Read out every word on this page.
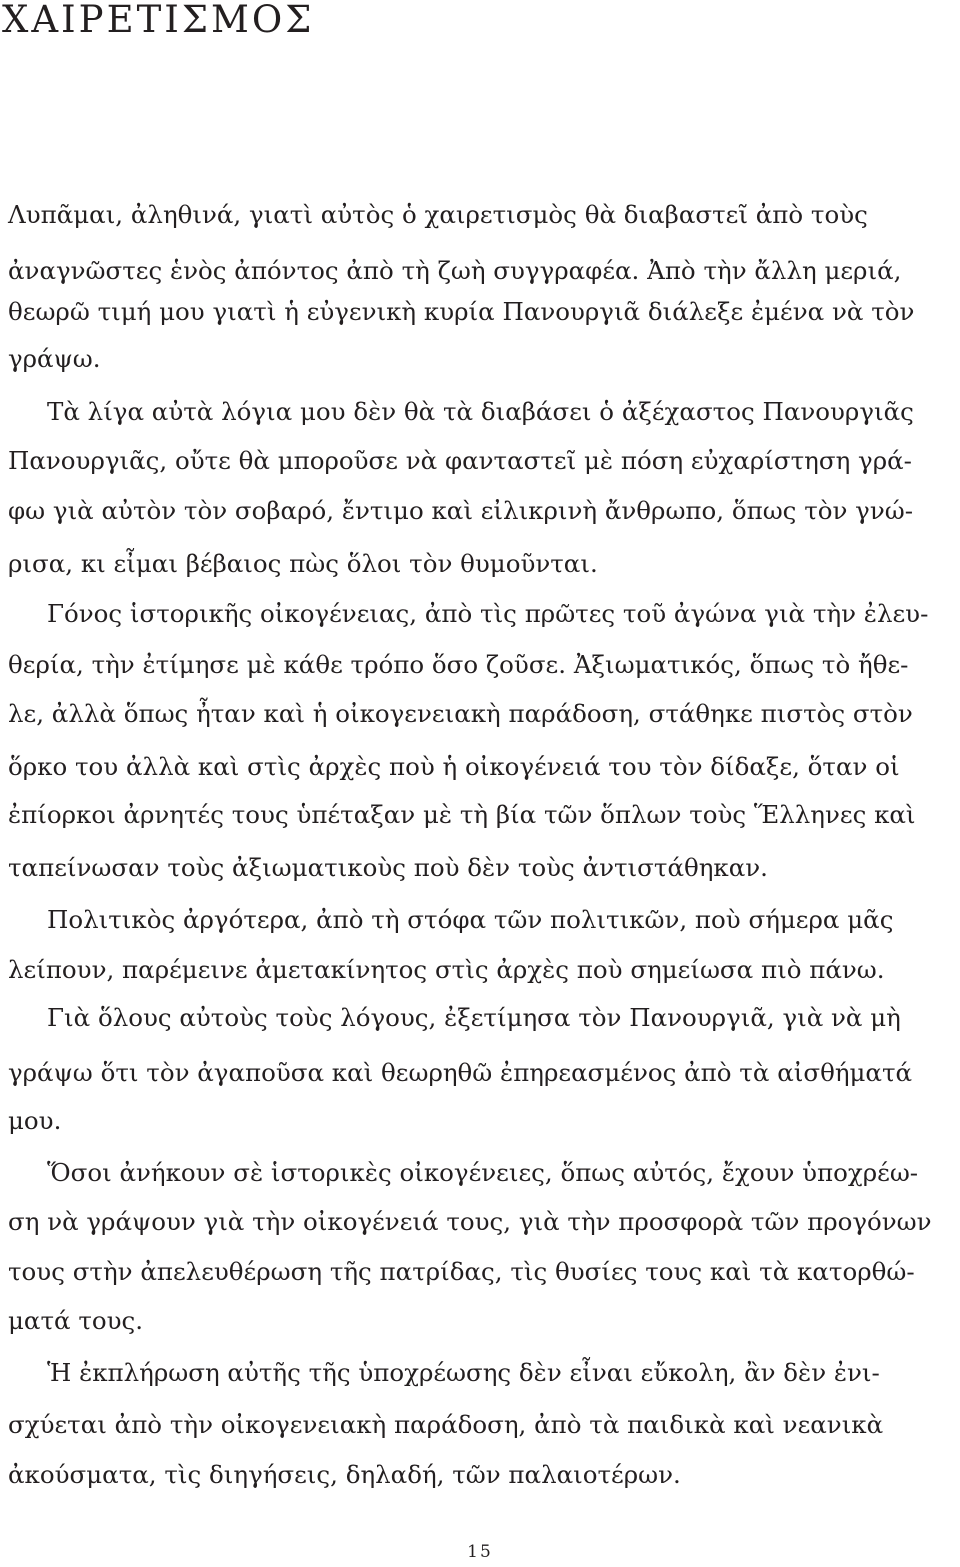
ΧΑΙΡΕΤΙΣΜΟΣ

Λυπᾶμαι, ἀληθινά, γιατὶ αὐτὸς ὁ χαιρετισμὸς θὰ διαβαστεῖ ἀπὸ τοὺς

ἀναγνῶστες ἑνὸς ἀπόντος ἀπὸ τὴ ζωὴ συγγραφέα. Ἀπὸ τὴν ἄλλη μεριά,

θεωρῶ τιμή μου γιατὶ ἡ εὐγενικὴ κυρία Πανουργιᾶ διάλεξε ἐμένα νὰ τὸν

γράψω.

Τὰ λίγα αὐτὰ λόγια μου δὲν θὰ τὰ διαβάσει ὁ ἀξέχαστος Πανουργιᾶς

Πανουργιᾶς, οὔτε θὰ μποροῦσε νὰ φανταστεῖ μὲ πόση εὐχαρίστηση γρά-

φω γιὰ αὐτὸν τὸν σοβαρό, ἔντιμο καὶ εἰλικρινὴ ἄνθρωπο, ὅπως τὸν γνώ-

ρισα, κι εἶμαι βέβαιος πὼς ὅλοι τὸν θυμοῦνται.

Γόνος ἱστορικῆς οἰκογένειας, ἀπὸ τὶς πρῶτες τοῦ ἀγώνα γιὰ τὴν ἐλευ-

θερία, τὴν ἐτίμησε μὲ κάθε τρόπο ὅσο ζοῦσε. Ἀξιωματικός, ὅπως τὸ ἤθε-

λε, ἀλλὰ ὅπως ἦταν καὶ ἡ οἰκογενειακὴ παράδοση, στάθηκε πιστὸς στὸν

ὅρκο του ἀλλὰ καὶ στὶς ἀρχὲς ποὺ ἡ οἰκογένειά του τὸν δίδαξε, ὅταν οἱ

ἐπίορκοι ἀρνητές τους ὑπέταξαν μὲ τὴ βία τῶν ὅπλων τοὺς Ἕλληνες καὶ

ταπείνωσαν τοὺς ἀξιωματικοὺς ποὺ δὲν τοὺς ἀντιστάθηκαν.

Πολιτικὸς ἀργότερα, ἀπὸ τὴ στόφα τῶν πολιτικῶν, ποὺ σήμερα μᾶς

λείπουν, παρέμεινε ἀμετακίνητος στὶς ἀρχὲς ποὺ σημείωσα πιὸ πάνω.

Γιὰ ὅλους αὐτοὺς τοὺς λόγους, ἐξετίμησα τὸν Πανουργιᾶ, γιὰ νὰ μὴ

γράψω ὅτι τὸν ἀγαποῦσα καὶ θεωρηθῶ ἐπηρεασμένος ἀπὸ τὰ αἰσθήματά

μου.

Ὅσοι ἀνήκουν σὲ ἱστορικὲς οἰκογένειες, ὅπως αὐτός, ἔχουν ὑποχρέω-

ση νὰ γράψουν γιὰ τὴν οἰκογένειά τους, γιὰ τὴν προσφορὰ τῶν προγόνων

τους στὴν ἀπελευθέρωση τῆς πατρίδας, τὶς θυσίες τους καὶ τὰ κατορθώ-

ματά τους.

Ἡ ἐκπλήρωση αὐτῆς τῆς ὑποχρέωσης δὲν εἶναι εὔκολη, ἂν δὲν ἐνι-

σχύεται ἀπὸ τὴν οἰκογενειακὴ παράδοση, ἀπὸ τὰ παιδικὰ καὶ νεανικὰ

ἀκούσματα, τὶς διηγήσεις, δηλαδή, τῶν παλαιοτέρων.

15
